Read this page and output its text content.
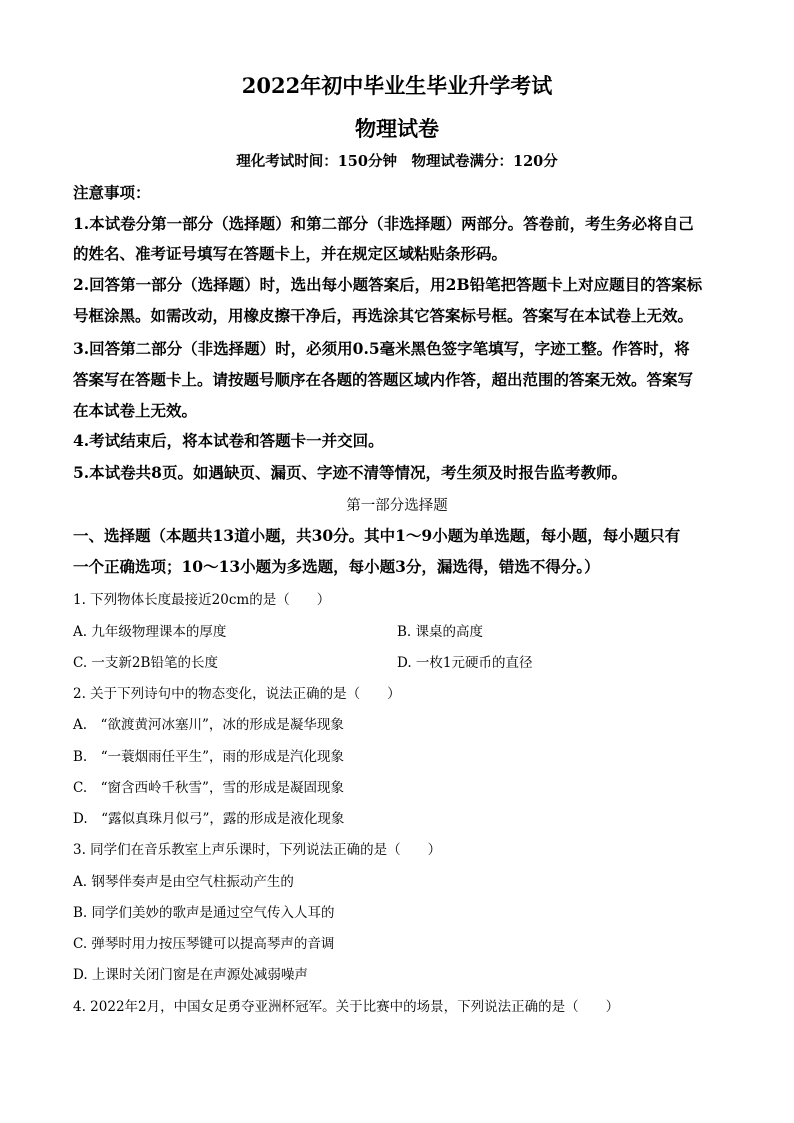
2022年初中毕业生毕业升学考试
物理试卷
理化考试时间：150分钟　物理试卷满分：120分
注意事项：
1.本试卷分第一部分（选择题）和第二部分（非选择题）两部分。答卷前，考生务必将自己
的姓名、准考证号填写在答题卡上，并在规定区域粘贴条形码。
2.回答第一部分（选择题）时，选出每小题答案后，用2B铅笔把答题卡上对应题目的答案标
号框涂黑。如需改动，用橡皮擦干净后，再选涂其它答案标号框。答案写在本试卷上无效。
3.回答第二部分（非选择题）时，必须用0.5毫米黑色签字笔填写，字迹工整。作答时，将
答案写在答题卡上。请按题号顺序在各题的答题区域内作答，超出范围的答案无效。答案写
在本试卷上无效。
4.考试结束后，将本试卷和答题卡一并交回。
5.本试卷共8页。如遇缺页、漏页、字迹不清等情况，考生须及时报告监考教师。
第一部分选择题
一、选择题（本题共13道小题，共30分。其中1～9小题为单选题，每小题，每小题只有
一个正确选项；10～13小题为多选题，每小题3分，漏选得，错选不得分。）
1. 下列物体长度最接近20cm的是（　　）
A. 九年级物理课本的厚度	B. 课桌的高度
C. 一支新2B铅笔的长度	D. 一枚1元硬币的直径
2. 关于下列诗句中的物态变化，说法正确的是（　　）
A.　“欲渡黄河冰塞川”，冰的形成是凝华现象
B.　“一蓑烟雨任平生”，雨的形成是汽化现象
C.　“窗含西岭千秋雪”，雪的形成是凝固现象
D.　“露似真珠月似弓”，露的形成是液化现象
3. 同学们在音乐教室上声乐课时，下列说法正确的是（　　）
A. 钢琴伴奏声是由空气柱振动产生的
B. 同学们美妙的歌声是通过空气传入人耳的
C. 弹琴时用力按压琴键可以提高琴声的音调
D. 上课时关闭门窗是在声源处减弱噪声
4. 2022年2月，中国女足勇夺亚洲杯冠军。关于比赛中的场景，下列说法正确的是（　　）
